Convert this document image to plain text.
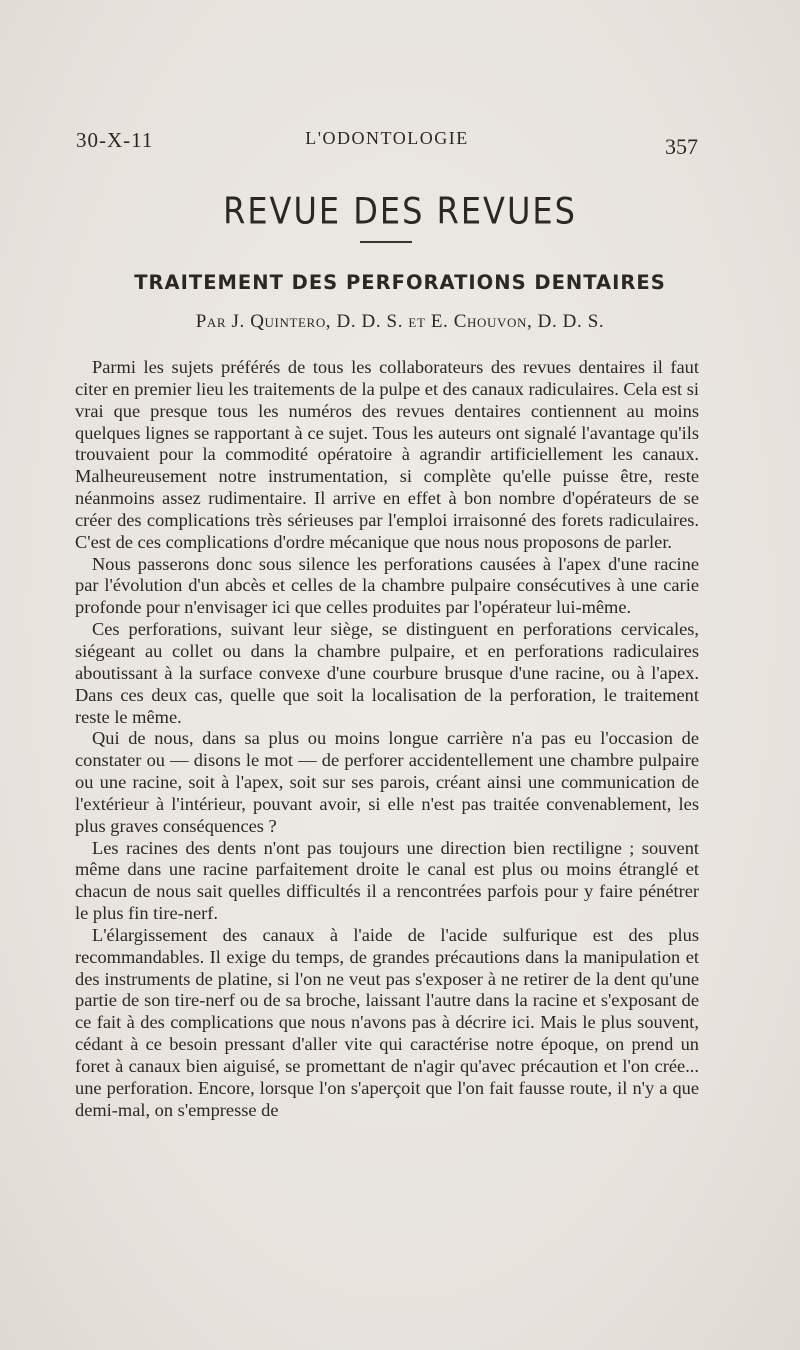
30-X-11	L'ODONTOLOGIE	357
REVUE DES REVUES
TRAITEMENT DES PERFORATIONS DENTAIRES
Par J. Quintero, D. D. S. et E. Chouvon, D. D. S.

Parmi les sujets préférés de tous les collaborateurs des revues dentaires il faut citer en premier lieu les traitements de la pulpe et des canaux radiculaires. Cela est si vrai que presque tous les numéros des revues dentaires contiennent au moins quelques lignes se rapportant à ce sujet. Tous les auteurs ont signalé l'avantage qu'ils trouvaient pour la commodité opératoire à agrandir artificiellement les canaux. Malheureusement notre instrumentation, si complète qu'elle puisse être, reste néanmoins assez rudimentaire. Il arrive en effet à bon nombre d'opérateurs de se créer des complications très sérieuses par l'emploi irraisonné des forets radiculaires. C'est de ces complications d'ordre mécanique que nous nous proposons de parler.

Nous passerons donc sous silence les perforations causées à l'apex d'une racine par l'évolution d'un abcès et celles de la chambre pulpaire consécutives à une carie profonde pour n'envisager ici que celles produites par l'opérateur lui-même.

Ces perforations, suivant leur siège, se distinguent en perforations cervicales, siégeant au collet ou dans la chambre pulpaire, et en perforations radiculaires aboutissant à la surface convexe d'une courbure brusque d'une racine, ou à l'apex. Dans ces deux cas, quelle que soit la localisation de la perforation, le traitement reste le même.

Qui de nous, dans sa plus ou moins longue carrière n'a pas eu l'occasion de constater ou — disons le mot — de perforer accidentellement une chambre pulpaire ou une racine, soit à l'apex, soit sur ses parois, créant ainsi une communication de l'extérieur à l'intérieur, pouvant avoir, si elle n'est pas traitée convenablement, les plus graves conséquences ?

Les racines des dents n'ont pas toujours une direction bien rectiligne ; souvent même dans une racine parfaitement droite le canal est plus ou moins étranglé et chacun de nous sait quelles difficultés il a rencontrées parfois pour y faire pénétrer le plus fin tire-nerf.

L'élargissement des canaux à l'aide de l'acide sulfurique est des plus recommandables. Il exige du temps, de grandes précautions dans la manipulation et des instruments de platine, si l'on ne veut pas s'exposer à ne retirer de la dent qu'une partie de son tire-nerf ou de sa broche, laissant l'autre dans la racine et s'exposant de ce fait à des complications que nous n'avons pas à décrire ici. Mais le plus souvent, cédant à ce besoin pressant d'aller vite qui caractérise notre époque, on prend un foret à canaux bien aiguisé, se promettant de n'agir qu'avec précaution et l'on crée... une perforation. Encore, lorsque l'on s'aperçoit que l'on fait fausse route, il n'y a que demi-mal, on s'empresse de
